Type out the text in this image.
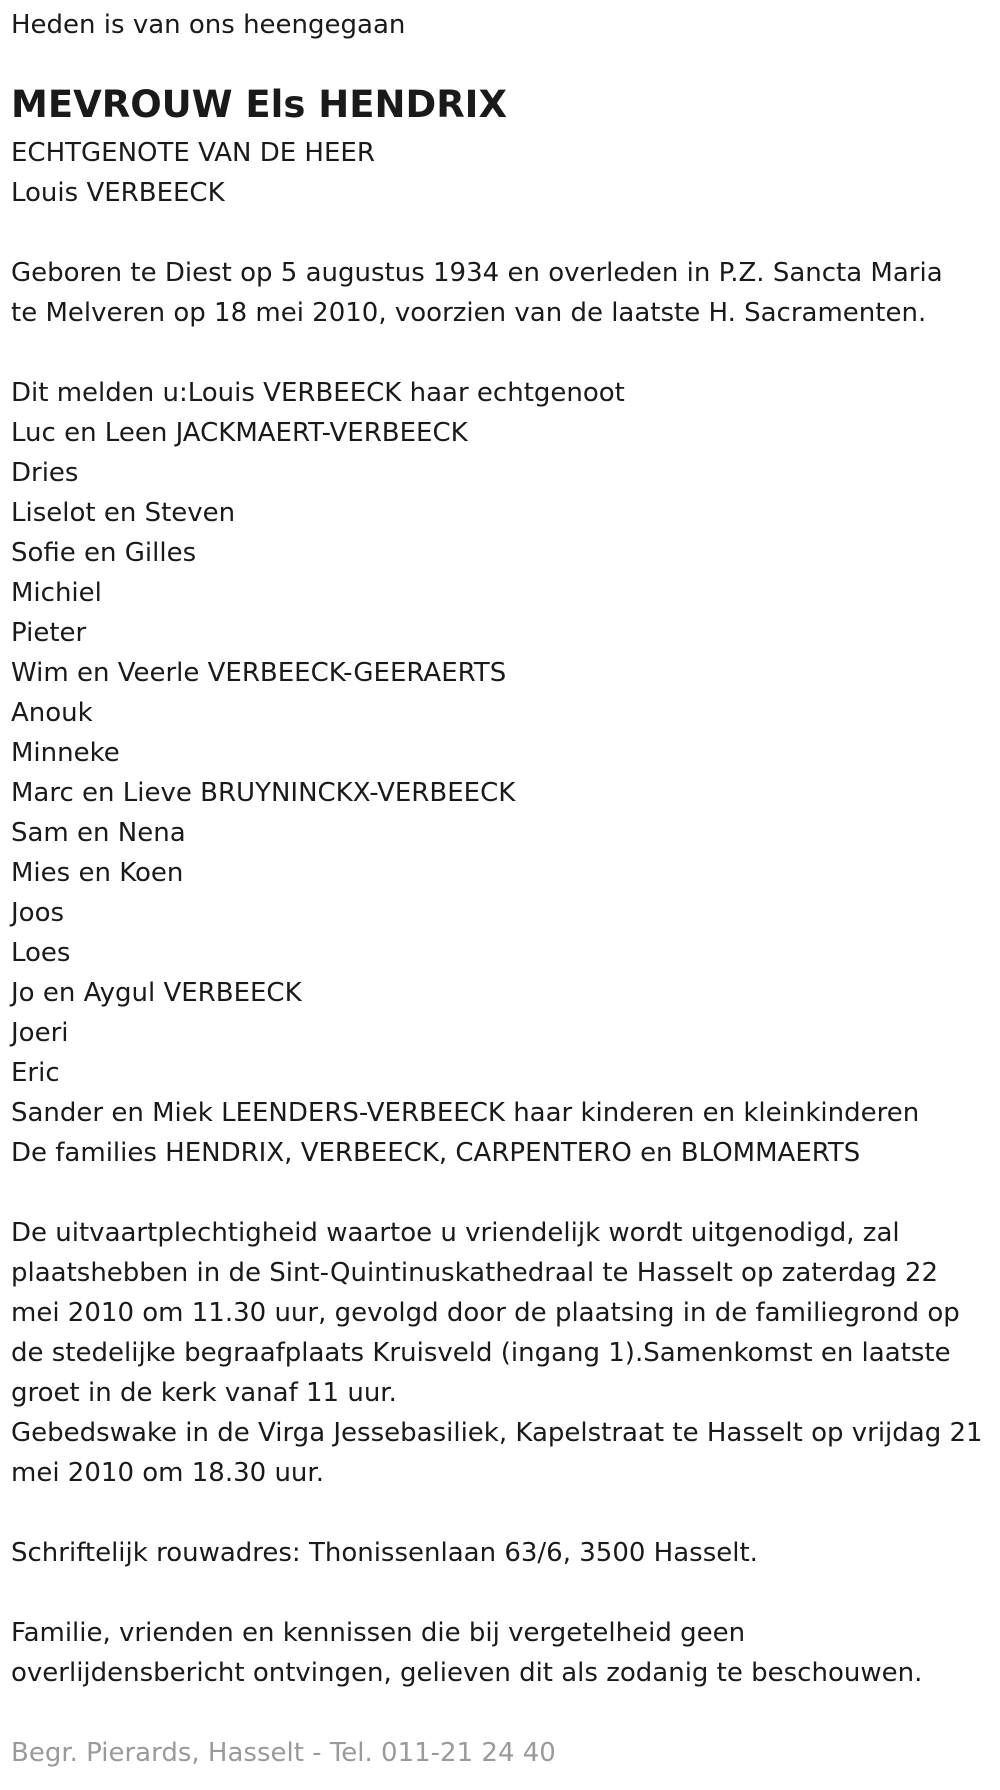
Heden is van ons heengegaan

MEVROUW Els HENDRIX

ECHTGENOTE VAN DE HEER

Louis VERBEECK

Geboren te Diest op 5 augustus 1934 en overleden in P.Z. Sancta Maria

te Melveren op 18 mei 2010, voorzien van de laatste H. Sacramenten.

Dit melden u:Louis VERBEECK haar echtgenoot

Luc en Leen JACKMAERT-VERBEECK

Dries

Liselot en Steven

Sofie en Gilles

Michiel

Pieter

Wim en Veerle VERBEECK-GEERAERTS

Anouk

Minneke

Marc en Lieve BRUYNINCKX-VERBEECK

Sam en Nena

Mies en Koen

Joos

Loes

Jo en Aygul VERBEECK

Joeri

Eric

Sander en Miek LEENDERS-VERBEECK haar kinderen en kleinkinderen

De families HENDRIX, VERBEECK, CARPENTERO en BLOMMAERTS

De uitvaartplechtigheid waartoe u vriendelijk wordt uitgenodigd, zal

plaatshebben in de Sint-Quintinuskathedraal te Hasselt op zaterdag 22

mei 2010 om 11.30 uur, gevolgd door de plaatsing in de familiegrond op

de stedelijke begraafplaats Kruisveld (ingang 1).Samenkomst en laatste

groet in de kerk vanaf 11 uur.

Gebedswake in de Virga Jessebasiliek, Kapelstraat te Hasselt op vrijdag 21

mei 2010 om 18.30 uur.

Schriftelijk rouwadres: Thonissenlaan 63/6, 3500 Hasselt.

Familie, vrienden en kennissen die bij vergetelheid geen

overlijdensbericht ontvingen, gelieven dit als zodanig te beschouwen.

Begr. Pierards, Hasselt - Tel. 011-21 24 40
